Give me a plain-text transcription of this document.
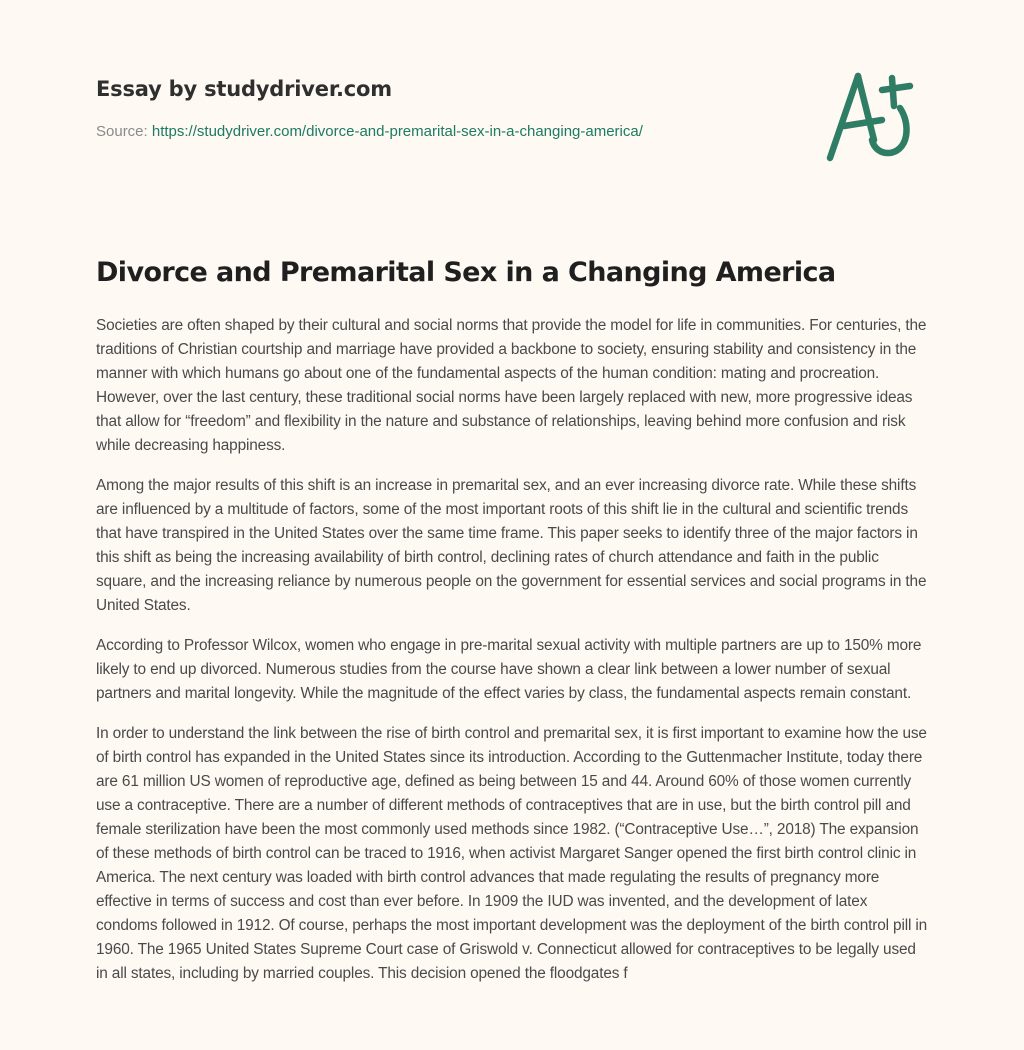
Essay by studydriver.com
Source: https://studydriver.com/divorce-and-premarital-sex-in-a-changing-america/
Divorce and Premarital Sex in a Changing America

Societies are often shaped by their cultural and social norms that provide the model for life in communities. For centuries, the traditions of Christian courtship and marriage have provided a backbone to society, ensuring stability and consistency in the manner with which humans go about one of the fundamental aspects of the human condition: mating and procreation. However, over the last century, these traditional social norms have been largely replaced with new, more progressive ideas that allow for “freedom” and flexibility in the nature and substance of relationships, leaving behind more confusion and risk while decreasing happiness.

Among the major results of this shift is an increase in premarital sex, and an ever increasing divorce rate. While these shifts are influenced by a multitude of factors, some of the most important roots of this shift lie in the cultural and scientific trends that have transpired in the United States over the same time frame. This paper seeks to identify three of the major factors in this shift as being the increasing availability of birth control, declining rates of church attendance and faith in the public square, and the increasing reliance by numerous people on the government for essential services and social programs in the United States.

According to Professor Wilcox, women who engage in pre-marital sexual activity with multiple partners are up to 150% more likely to end up divorced. Numerous studies from the course have shown a clear link between a lower number of sexual partners and marital longevity. While the magnitude of the effect varies by class, the fundamental aspects remain constant.

In order to understand the link between the rise of birth control and premarital sex, it is first important to examine how the use of birth control has expanded in the United States since its introduction. According to the Guttenmacher Institute, today there are 61 million US women of reproductive age, defined as being between 15 and 44. Around 60% of those women currently use a contraceptive. There are a number of different methods of contraceptives that are in use, but the birth control pill and female sterilization have been the most commonly used methods since 1982. (“Contraceptive Use…”, 2018) The expansion of these methods of birth control can be traced to 1916, when activist Margaret Sanger opened the first birth control clinic in America. The next century was loaded with birth control advances that made regulating the results of pregnancy more effective in terms of success and cost than ever before. In 1909 the IUD was invented, and the development of latex condoms followed in 1912. Of course, perhaps the most important development was the deployment of the birth control pill in 1960. The 1965 United States Supreme Court case of Griswold v. Connecticut allowed for contraceptives to be legally used in all states, including by married couples. This decision opened the floodgates f
